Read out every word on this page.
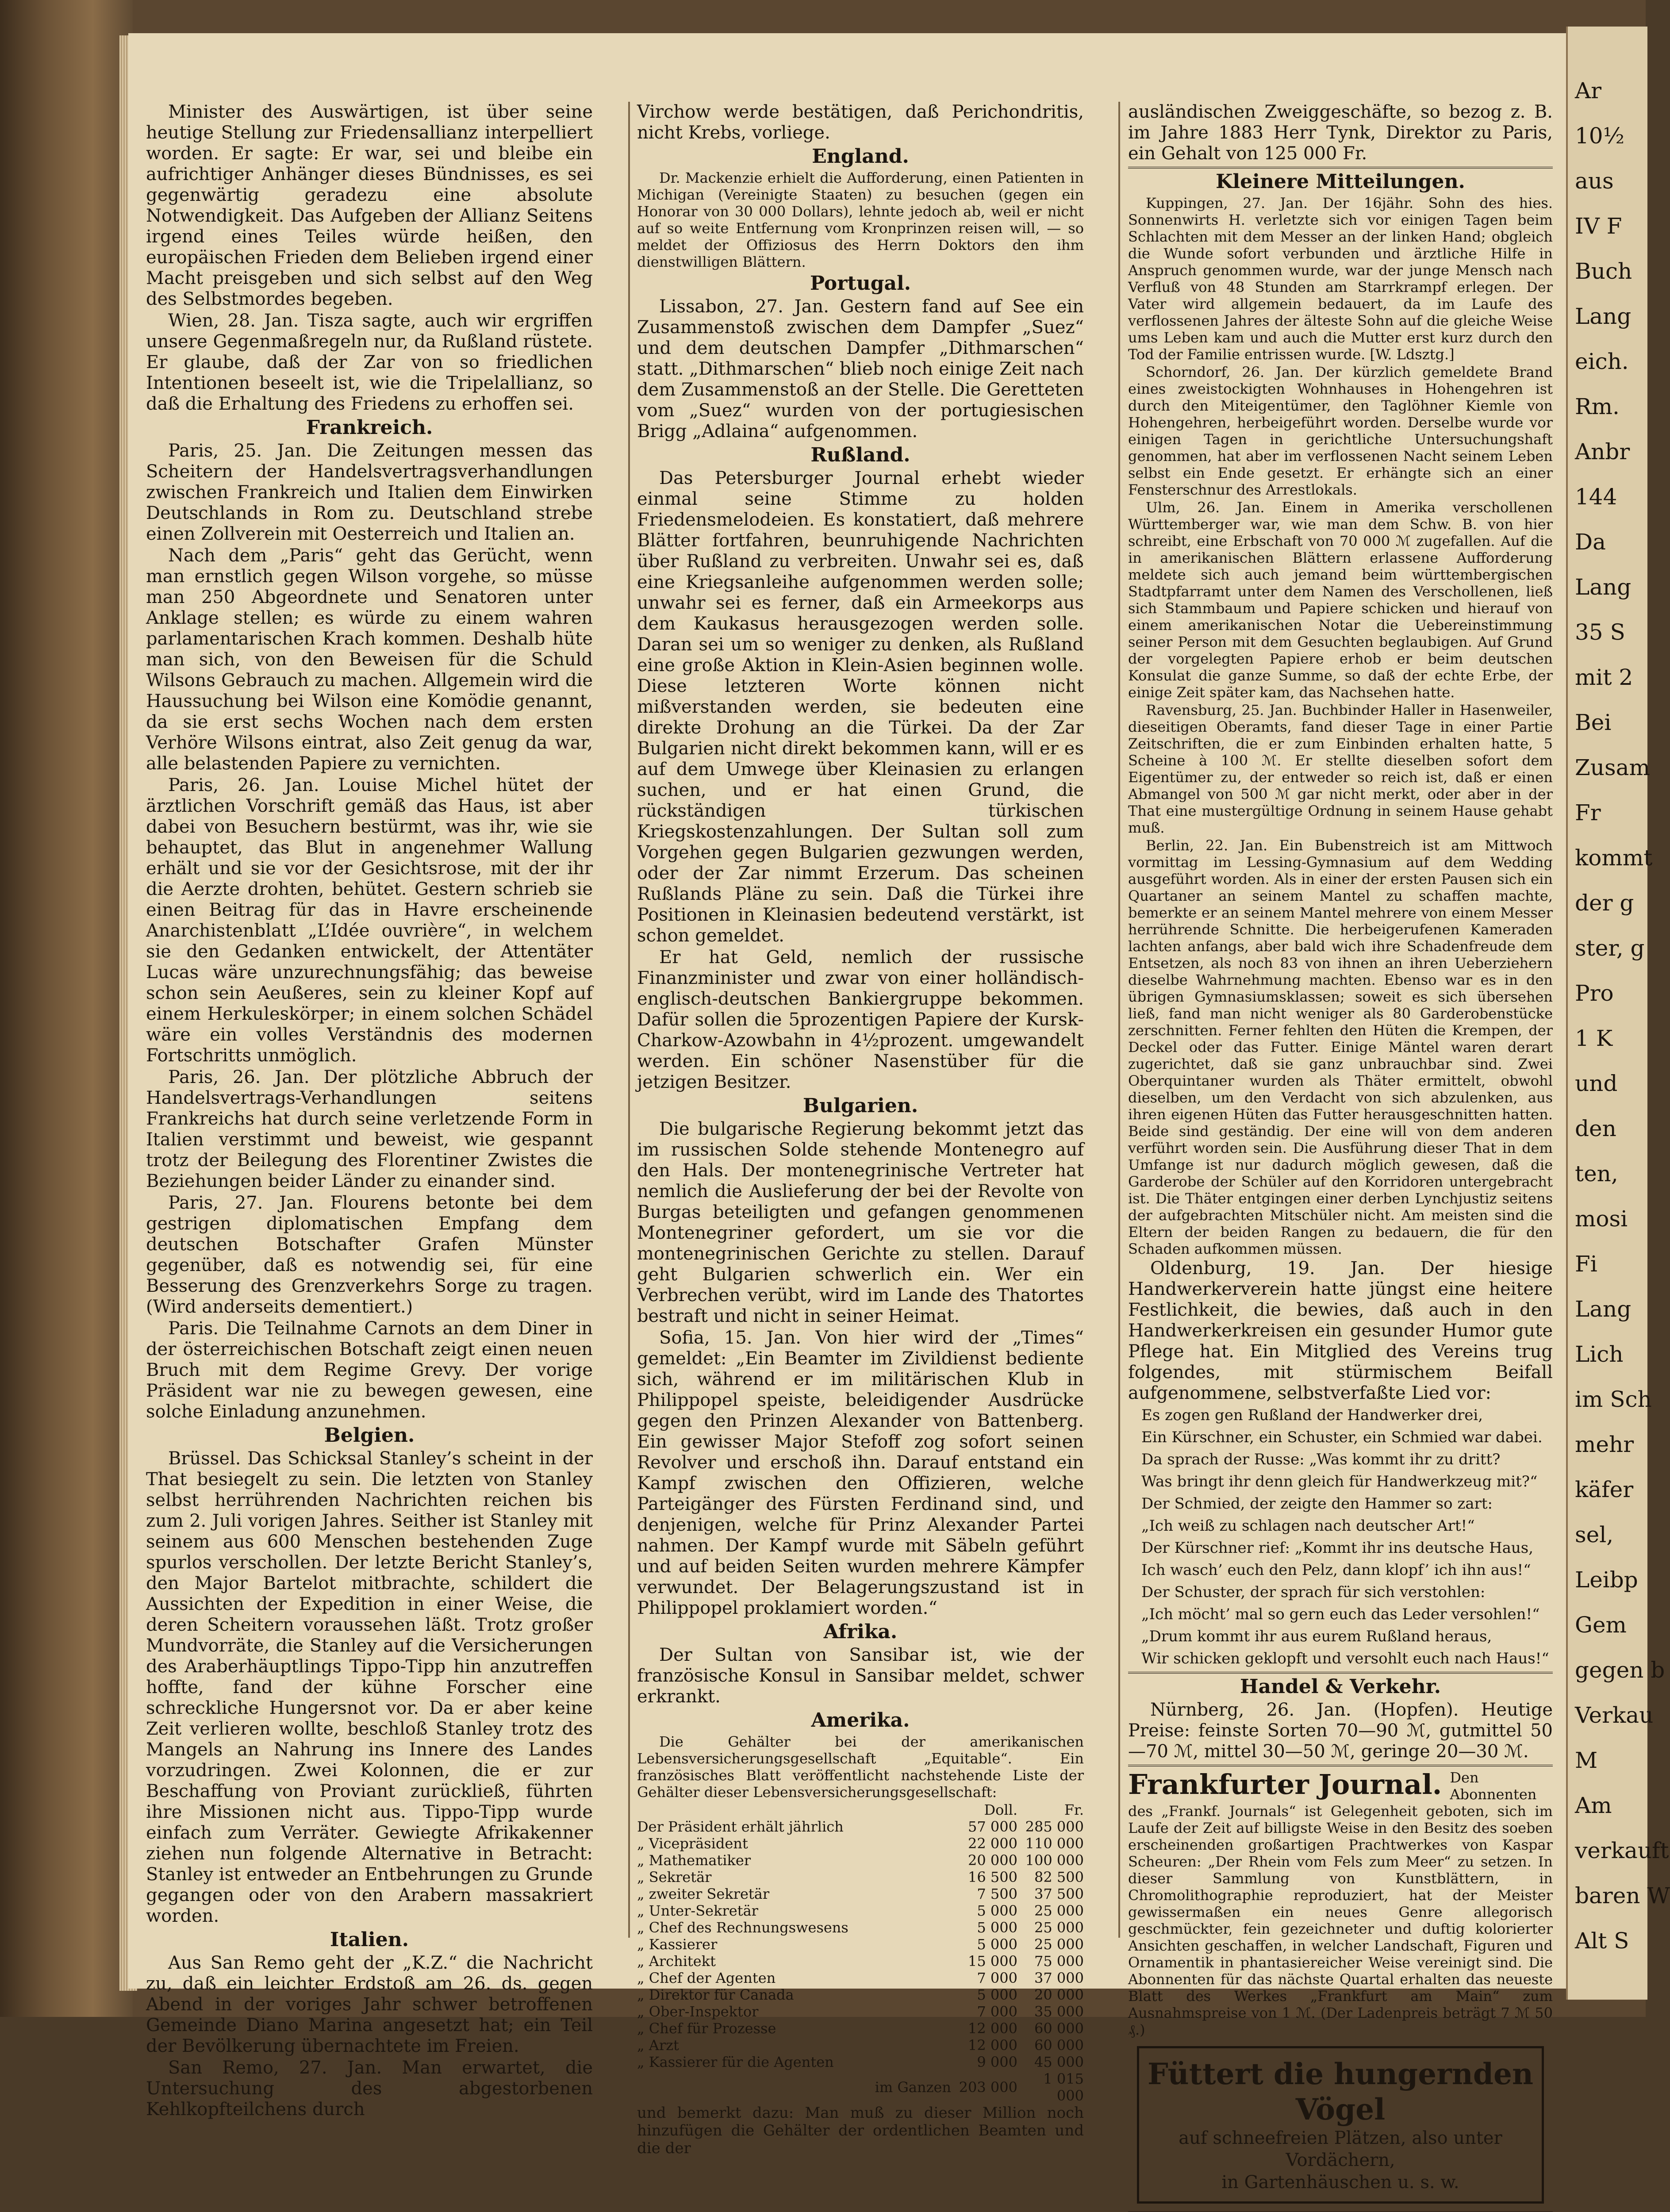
Minister des Auswärtigen, ist über seine heutige Stellung zur Friedensallianz interpelliert worden. Er sagte: Er war, sei und bleibe ein aufrichtiger Anhänger dieses Bündnisses, es sei gegenwärtig geradezu eine absolute Notwendigkeit. Das Aufgeben der Allianz Seitens irgend eines Teiles würde heißen, den europäischen Frieden dem Belieben irgend einer Macht preisgeben und sich selbst auf den Weg des Selbstmordes begeben.

Wien, 28. Jan. Tisza sagte, auch wir ergriffen unsere Gegenmaßregeln nur, da Rußland rüstete. Er glaube, daß der Zar von so friedlichen Intentionen beseelt ist, wie die Tripelallianz, so daß die Erhaltung des Friedens zu erhoffen sei.

Frankreich.

Paris, 25. Jan. Die Zeitungen messen das Scheitern der Handelsvertragsverhandlungen zwischen Frankreich und Italien dem Einwirken Deutschlands in Rom zu. Deutschland strebe einen Zollverein mit Oesterreich und Italien an.

Nach dem „Paris“ geht das Gerücht, wenn man ernstlich gegen Wilson vorgehe, so müsse man 250 Abgeordnete und Senatoren unter Anklage stellen; es würde zu einem wahren parlamentarischen Krach kommen. Deshalb hüte man sich, von den Beweisen für die Schuld Wilsons Gebrauch zu machen. Allgemein wird die Haussuchung bei Wilson eine Komödie genannt, da sie erst sechs Wochen nach dem ersten Verhöre Wilsons eintrat, also Zeit genug da war, alle belastenden Papiere zu vernichten.

Paris, 26. Jan. Louise Michel hütet der ärztlichen Vorschrift gemäß das Haus, ist aber dabei von Besuchern bestürmt, was ihr, wie sie behauptet, das Blut in angenehmer Wallung erhält und sie vor der Gesichtsrose, mit der ihr die Aerzte drohten, behütet. Gestern schrieb sie einen Beitrag für das in Havre erscheinende Anarchistenblatt „L’Idée ouvrière“, in welchem sie den Gedanken entwickelt, der Attentäter Lucas wäre unzurechnungsfähig; das beweise schon sein Aeußeres, sein zu kleiner Kopf auf einem Herkuleskörper; in einem solchen Schädel wäre ein volles Verständnis des modernen Fortschritts unmöglich.

Paris, 26. Jan. Der plötzliche Abbruch der Handelsvertrags-Verhandlungen seitens Frankreichs hat durch seine verletzende Form in Italien verstimmt und beweist, wie gespannt trotz der Beilegung des Florentiner Zwistes die Beziehungen beider Länder zu einander sind.

Paris, 27. Jan. Flourens betonte bei dem gestrigen diplomatischen Empfang dem deutschen Botschafter Grafen Münster gegenüber, daß es notwendig sei, für eine Besserung des Grenzverkehrs Sorge zu tragen. (Wird anderseits dementiert.)

Paris. Die Teilnahme Carnots an dem Diner in der österreichischen Botschaft zeigt einen neuen Bruch mit dem Regime Grevy. Der vorige Präsident war nie zu bewegen gewesen, eine solche Einladung anzunehmen.

Belgien.

Brüssel. Das Schicksal Stanley’s scheint in der That besiegelt zu sein. Die letzten von Stanley selbst herrührenden Nachrichten reichen bis zum 2. Juli vorigen Jahres. Seither ist Stanley mit seinem aus 600 Menschen bestehenden Zuge spurlos verschollen. Der letzte Bericht Stanley’s, den Major Bartelot mitbrachte, schildert die Aussichten der Expedition in einer Weise, die deren Scheitern voraussehen läßt. Trotz großer Mundvorräte, die Stanley auf die Versicherungen des Araberhäuptlings Tippo-Tipp hin anzutreffen hoffte, fand der kühne Forscher eine schreckliche Hungersnot vor. Da er aber keine Zeit verlieren wollte, beschloß Stanley trotz des Mangels an Nahrung ins Innere des Landes vorzudringen. Zwei Kolonnen, die er zur Beschaffung von Proviant zurückließ, führten ihre Missionen nicht aus. Tippo-Tipp wurde einfach zum Verräter. Gewiegte Afrikakenner ziehen nun folgende Alternative in Betracht: Stanley ist entweder an Entbehrungen zu Grunde gegangen oder von den Arabern massakriert worden.

Italien.

Aus San Remo geht der „K.Z.“ die Nachricht zu, daß ein leichter Erdstoß am 26. ds. gegen Abend in der voriges Jahr schwer betroffenen Gemeinde Diano Marina angesetzt hat; ein Teil der Bevölkerung übernachtete im Freien.

San Remo, 27. Jan. Man erwartet, die Untersuchung des abgestorbenen Kehlkopfteilchens durch

Virchow werde bestätigen, daß Perichondritis, nicht Krebs, vorliege.

England.

Dr. Mackenzie erhielt die Aufforderung, einen Patienten in Michigan (Vereinigte Staaten) zu besuchen (gegen ein Honorar von 30 000 Dollars), lehnte jedoch ab, weil er nicht auf so weite Entfernung vom Kronprinzen reisen will, — so meldet der Offiziosus des Herrn Doktors den ihm dienstwilligen Blättern.

Portugal.

Lissabon, 27. Jan. Gestern fand auf See ein Zusammenstoß zwischen dem Dampfer „Suez“ und dem deutschen Dampfer „Dithmarschen“ statt. „Dithmarschen“ blieb noch einige Zeit nach dem Zusammenstoß an der Stelle. Die Geretteten vom „Suez“ wurden von der portugiesischen Brigg „Adlaina“ aufgenommen.

Rußland.

Das Petersburger Journal erhebt wieder einmal seine Stimme zu holden Friedensmelodeien. Es konstatiert, daß mehrere Blätter fortfahren, beunruhigende Nachrichten über Rußland zu verbreiten. Unwahr sei es, daß eine Kriegsanleihe aufgenommen werden solle; unwahr sei es ferner, daß ein Armeekorps aus dem Kaukasus herausgezogen werden solle. Daran sei um so weniger zu denken, als Rußland eine große Aktion in Klein-Asien beginnen wolle. Diese letzteren Worte können nicht mißverstanden werden, sie bedeuten eine direkte Drohung an die Türkei. Da der Zar Bulgarien nicht direkt bekommen kann, will er es auf dem Umwege über Kleinasien zu erlangen suchen, und er hat einen Grund, die rückständigen türkischen Kriegskostenzahlungen. Der Sultan soll zum Vorgehen gegen Bulgarien gezwungen werden, oder der Zar nimmt Erzerum. Das scheinen Rußlands Pläne zu sein. Daß die Türkei ihre Positionen in Kleinasien bedeutend verstärkt, ist schon gemeldet.

Er hat Geld, nemlich der russische Finanzminister und zwar von einer holländisch-englisch-deutschen Bankiergruppe bekommen. Dafür sollen die 5prozentigen Papiere der Kursk-Charkow-Azowbahn in 4½prozent. umgewandelt werden. Ein schöner Nasenstüber für die jetzigen Besitzer.

Bulgarien.

Die bulgarische Regierung bekommt jetzt das im russischen Solde stehende Montenegro auf den Hals. Der montenegrinische Vertreter hat nemlich die Auslieferung der bei der Revolte von Burgas beteiligten und gefangen genommenen Montenegriner gefordert, um sie vor die montenegrinischen Gerichte zu stellen. Darauf geht Bulgarien schwerlich ein. Wer ein Verbrechen verübt, wird im Lande des Thatortes bestraft und nicht in seiner Heimat.

Sofia, 15. Jan. Von hier wird der „Times“ gemeldet: „Ein Beamter im Zivildienst bediente sich, während er im militärischen Klub in Philippopel speiste, beleidigender Ausdrücke gegen den Prinzen Alexander von Battenberg. Ein gewisser Major Stefoff zog sofort seinen Revolver und erschoß ihn. Darauf entstand ein Kampf zwischen den Offizieren, welche Parteigänger des Fürsten Ferdinand sind, und denjenigen, welche für Prinz Alexander Partei nahmen. Der Kampf wurde mit Säbeln geführt und auf beiden Seiten wurden mehrere Kämpfer verwundet. Der Belagerungszustand ist in Philippopel proklamiert worden.“

Afrika.

Der Sultan von Sansibar ist, wie der französische Konsul in Sansibar meldet, schwer erkrankt.

Amerika.

Die Gehälter bei der amerikanischen Lebensversicherungsgesellschaft „Equitable“. Ein französisches Blatt veröffentlicht nachstehende Liste der Gehälter dieser Lebensversicherungsgesellschaft:

	Doll.	Fr.
Der Präsident erhält jährlich	57 000	285 000
„ Vicepräsident	22 000	110 000
„ Mathematiker	20 000	100 000
„ Sekretär	16 500	82 500
„ zweiter Sekretär	7 500	37 500
„ Unter-Sekretär	5 000	25 000
„ Chef des Rechnungswesens	5 000	25 000
„ Kassierer	5 000	25 000
„ Architekt	15 000	75 000
„ Chef der Agenten	7 000	37 000
„ Direktor für Canada	5 000	20 000
„ Ober-Inspektor	7 000	35 000
„ Chef für Prozesse	12 000	60 000
„ Arzt	12 000	60 000
„ Kassierer für die Agenten	9 000	45 000
im Ganzen	203 000	1 015 000

und bemerkt dazu: Man muß zu dieser Million noch hinzufügen die Gehälter der ordentlichen Beamten und die der

ausländischen Zweiggeschäfte, so bezog z. B. im Jahre 1883 Herr Tynk, Direktor zu Paris, ein Gehalt von 125 000 Fr.

Kleinere Mitteilungen.

Kuppingen, 27. Jan. Der 16jähr. Sohn des hies. Sonnenwirts H. verletzte sich vor einigen Tagen beim Schlachten mit dem Messer an der linken Hand; obgleich die Wunde sofort verbunden und ärztliche Hilfe in Anspruch genommen wurde, war der junge Mensch nach Verfluß von 48 Stunden am Starrkrampf erlegen. Der Vater wird allgemein bedauert, da im Laufe des verflossenen Jahres der älteste Sohn auf die gleiche Weise ums Leben kam und auch die Mutter erst kurz durch den Tod der Familie entrissen wurde. [W. Ldsztg.]

Schorndorf, 26. Jan. Der kürzlich gemeldete Brand eines zweistockigten Wohnhauses in Hohengehren ist durch den Miteigentümer, den Taglöhner Kiemle von Hohengehren, herbeigeführt worden. Derselbe wurde vor einigen Tagen in gerichtliche Untersuchungshaft genommen, hat aber im verflossenen Nacht seinem Leben selbst ein Ende gesetzt. Er erhängte sich an einer Fensterschnur des Arrestlokals.

Ulm, 26. Jan. Einem in Amerika verschollenen Württemberger war, wie man dem Schw. B. von hier schreibt, eine Erbschaft von 70 000 ℳ zugefallen. Auf die in amerikanischen Blättern erlassene Aufforderung meldete sich auch jemand beim württembergischen Stadtpfarramt unter dem Namen des Verschollenen, ließ sich Stammbaum und Papiere schicken und hierauf von einem amerikanischen Notar die Uebereinstimmung seiner Person mit dem Gesuchten beglaubigen. Auf Grund der vorgelegten Papiere erhob er beim deutschen Konsulat die ganze Summe, so daß der echte Erbe, der einige Zeit später kam, das Nachsehen hatte.

Ravensburg, 25. Jan. Buchbinder Haller in Hasenweiler, dieseitigen Oberamts, fand dieser Tage in einer Partie Zeitschriften, die er zum Einbinden erhalten hatte, 5 Scheine à 100 ℳ. Er stellte dieselben sofort dem Eigentümer zu, der entweder so reich ist, daß er einen Abmangel von 500 ℳ gar nicht merkt, oder aber in der That eine mustergültige Ordnung in seinem Hause gehabt muß.

Berlin, 22. Jan. Ein Bubenstreich ist am Mittwoch vormittag im Lessing-Gymnasium auf dem Wedding ausgeführt worden. Als in einer der ersten Pausen sich ein Quartaner an seinem Mantel zu schaffen machte, bemerkte er an seinem Mantel mehrere von einem Messer herrührende Schnitte. Die herbeigerufenen Kameraden lachten anfangs, aber bald wich ihre Schadenfreude dem Entsetzen, als noch 83 von ihnen an ihren Ueberziehern dieselbe Wahrnehmung machten. Ebenso war es in den übrigen Gymnasiumsklassen; soweit es sich übersehen ließ, fand man nicht weniger als 80 Garderobenstücke zerschnitten. Ferner fehlten den Hüten die Krempen, der Deckel oder das Futter. Einige Mäntel waren derart zugerichtet, daß sie ganz unbrauchbar sind. Zwei Oberquintaner wurden als Thäter ermittelt, obwohl dieselben, um den Verdacht von sich abzulenken, aus ihren eigenen Hüten das Futter herausgeschnitten hatten. Beide sind geständig. Der eine will von dem anderen verführt worden sein. Die Ausführung dieser That in dem Umfange ist nur dadurch möglich gewesen, daß die Garderobe der Schüler auf den Korridoren untergebracht ist. Die Thäter entgingen einer derben Lynchjustiz seitens der aufgebrachten Mitschüler nicht. Am meisten sind die Eltern der beiden Rangen zu bedauern, die für den Schaden aufkommen müssen.

Oldenburg, 19. Jan. Der hiesige Handwerkerverein hatte jüngst eine heitere Festlichkeit, die bewies, daß auch in den Handwerkerkreisen ein gesunder Humor gute Pflege hat. Ein Mitglied des Vereins trug folgendes, mit stürmischem Beifall aufgenommene, selbstverfaßte Lied vor:

Es zogen gen Rußland der Handwerker drei,
Ein Kürschner, ein Schuster, ein Schmied war dabei.
Da sprach der Russe: „Was kommt ihr zu dritt?
Was bringt ihr denn gleich für Handwerkzeug mit?“
Der Schmied, der zeigte den Hammer so zart:
„Ich weiß zu schlagen nach deutscher Art!“
Der Kürschner rief: „Kommt ihr ins deutsche Haus,
Ich wasch’ euch den Pelz, dann klopf’ ich ihn aus!“
Der Schuster, der sprach für sich verstohlen:
„Ich möcht’ mal so gern euch das Leder versohlen!“
„Drum kommt ihr aus eurem Rußland heraus,
Wir schicken geklopft und versohlt euch nach Haus!“
Handel & Verkehr.

Nürnberg, 26. Jan. (Hopfen). Heutige Preise: feinste Sorten 70—90 ℳ, gutmittel 50—70 ℳ, mittel 30—50 ℳ, geringe 20—30 ℳ.

Frankfurter Journal. Den Abonnenten des „Frankf. Journals“ ist Gelegenheit geboten, sich im Laufe der Zeit auf billigste Weise in den Besitz des soeben erscheinenden großartigen Prachtwerkes von Kaspar Scheuren: „Der Rhein vom Fels zum Meer“ zu setzen. In dieser Sammlung von Kunstblättern, in Chromolithographie reproduziert, hat der Meister gewissermaßen ein neues Genre allegorisch geschmückter, fein gezeichneter und duftig kolorierter Ansichten geschaffen, in welcher Landschaft, Figuren und Ornamentik in phantasiereicher Weise vereinigt sind. Die Abonnenten für das nächste Quartal erhalten das neueste Blatt des Werkes „Frankfurt am Main“ zum Ausnahmspreise von 1 ℳ. (Der Ladenpreis beträgt 7 ℳ 50 ₰.)
Füttert die hungernden Vögel
auf schneefreien Plätzen, also unter Vordächern,
in Gartenhäuschen u. s. w.

Ar

10½

aus

IV F

Buch

Lang

eich.

Rm.

Anbr

144

Da

Lang

35 S

mit 2

Bei

Zusam

Fr

kommt

der g

ster, g

Pro

1 K

und

den

ten,

mosi

Fi

Lang

Lich

im Sch

mehr

käfer

sel,

Leibp

Gem

gegen b

Verkau

M

Am

verkauft

baren W

Alt S
